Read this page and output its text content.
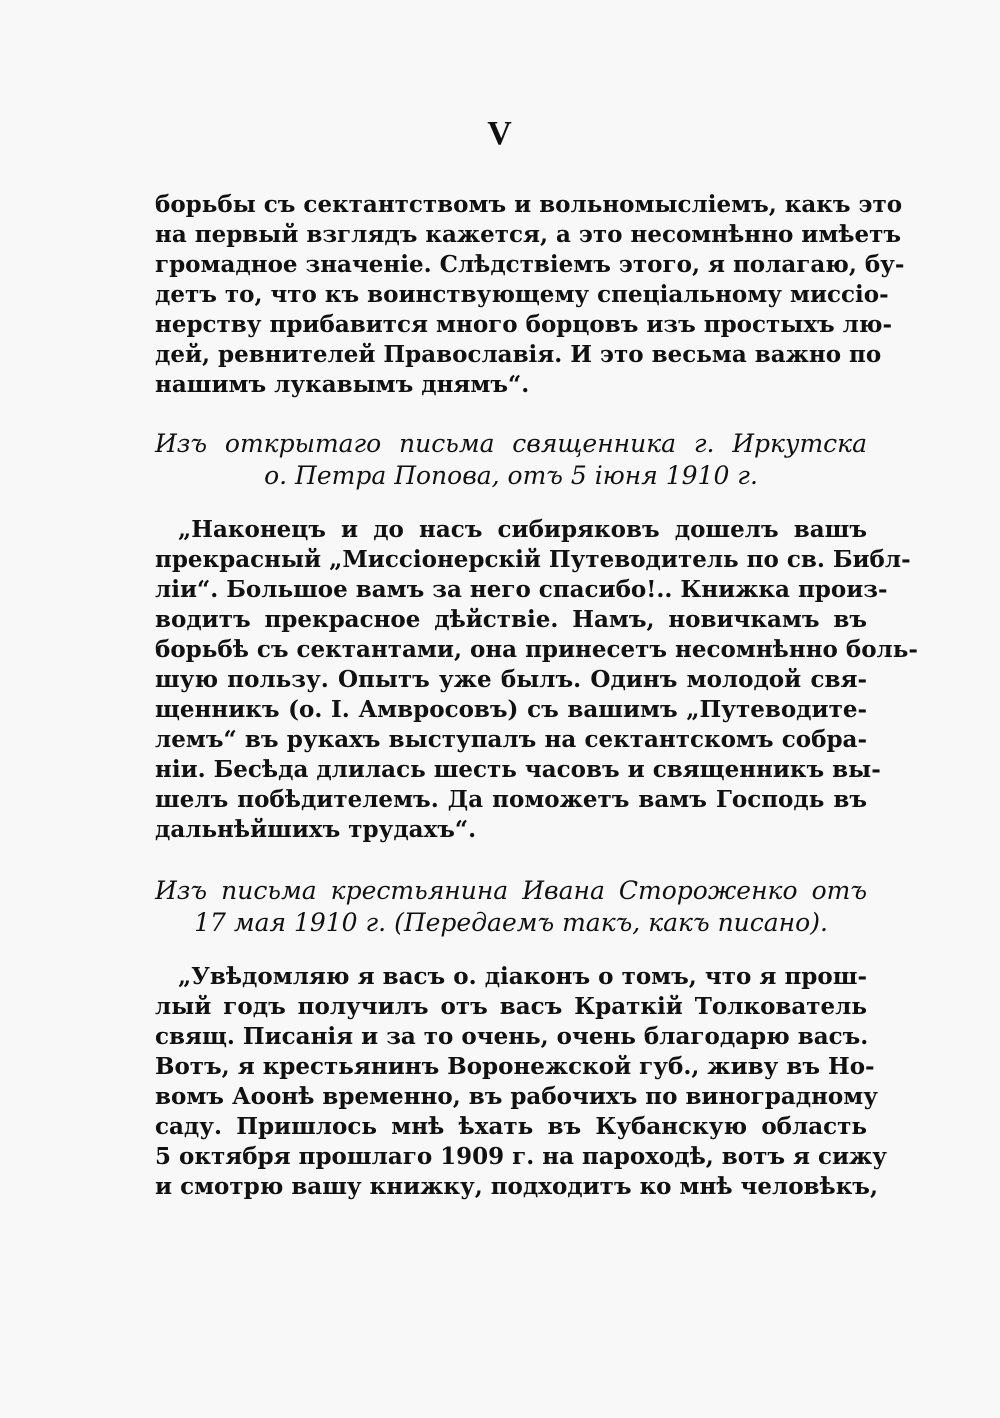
V
борьбы съ сектантствомъ и вольномысліемъ, какъ это
на первый взглядъ кажется, а это несомнѣнно имѣетъ
громадное значеніе. Слѣдствіемъ этого, я полагаю, бу-
детъ то, что къ воинствующему спеціальному миссіо-
нерству прибавится много борцовъ изъ простыхъ лю-
дей, ревнителей Православія. И это весьма важно по
нашимъ лукавымъ днямъ“.
Изъ открытаго письма священника г. Иркутска
о. Петра Попова, отъ 5 іюня 1910 г.
„Наконецъ и до насъ сибиряковъ дошелъ вашъ
прекрасный „Миссіонерскій Путеводитель по св. Библ-
ліи“. Большое вамъ за него спасибо!.. Книжка произ-
водитъ прекрасное дѣйствіе. Намъ, новичкамъ въ
борьбѣ съ сектантами, она принесетъ несомнѣнно боль-
шую пользу. Опытъ уже былъ. Одинъ молодой свя-
щенникъ (о. І. Амвросовъ) съ вашимъ „Путеводите-
лемъ“ въ рукахъ выступалъ на сектантскомъ собра-
ніи. Бесѣда длилась шесть часовъ и священникъ вы-
шелъ побѣдителемъ. Да поможетъ вамъ Господь въ
дальнѣйшихъ трудахъ“.
Изъ письма крестьянина Ивана Стороженко отъ
17 мая 1910 г. (Передаемъ такъ, какъ писано).
„Увѣдомляю я васъ о. діаконъ о томъ, что я прош-
лый годъ получилъ отъ васъ Краткій Толкователь
свящ. Писанія и за то очень, очень благодарю васъ.
Вотъ, я крестьянинъ Воронежской губ., живу въ Но-
вомъ Аоонѣ временно, въ рабочихъ по виноградному
саду. Пришлось мнѣ ѣхать въ Кубанскую область
5 октября прошлаго 1909 г. на пароходѣ, вотъ я сижу
и смотрю вашу книжку, подходитъ ко мнѣ человѣкъ,
